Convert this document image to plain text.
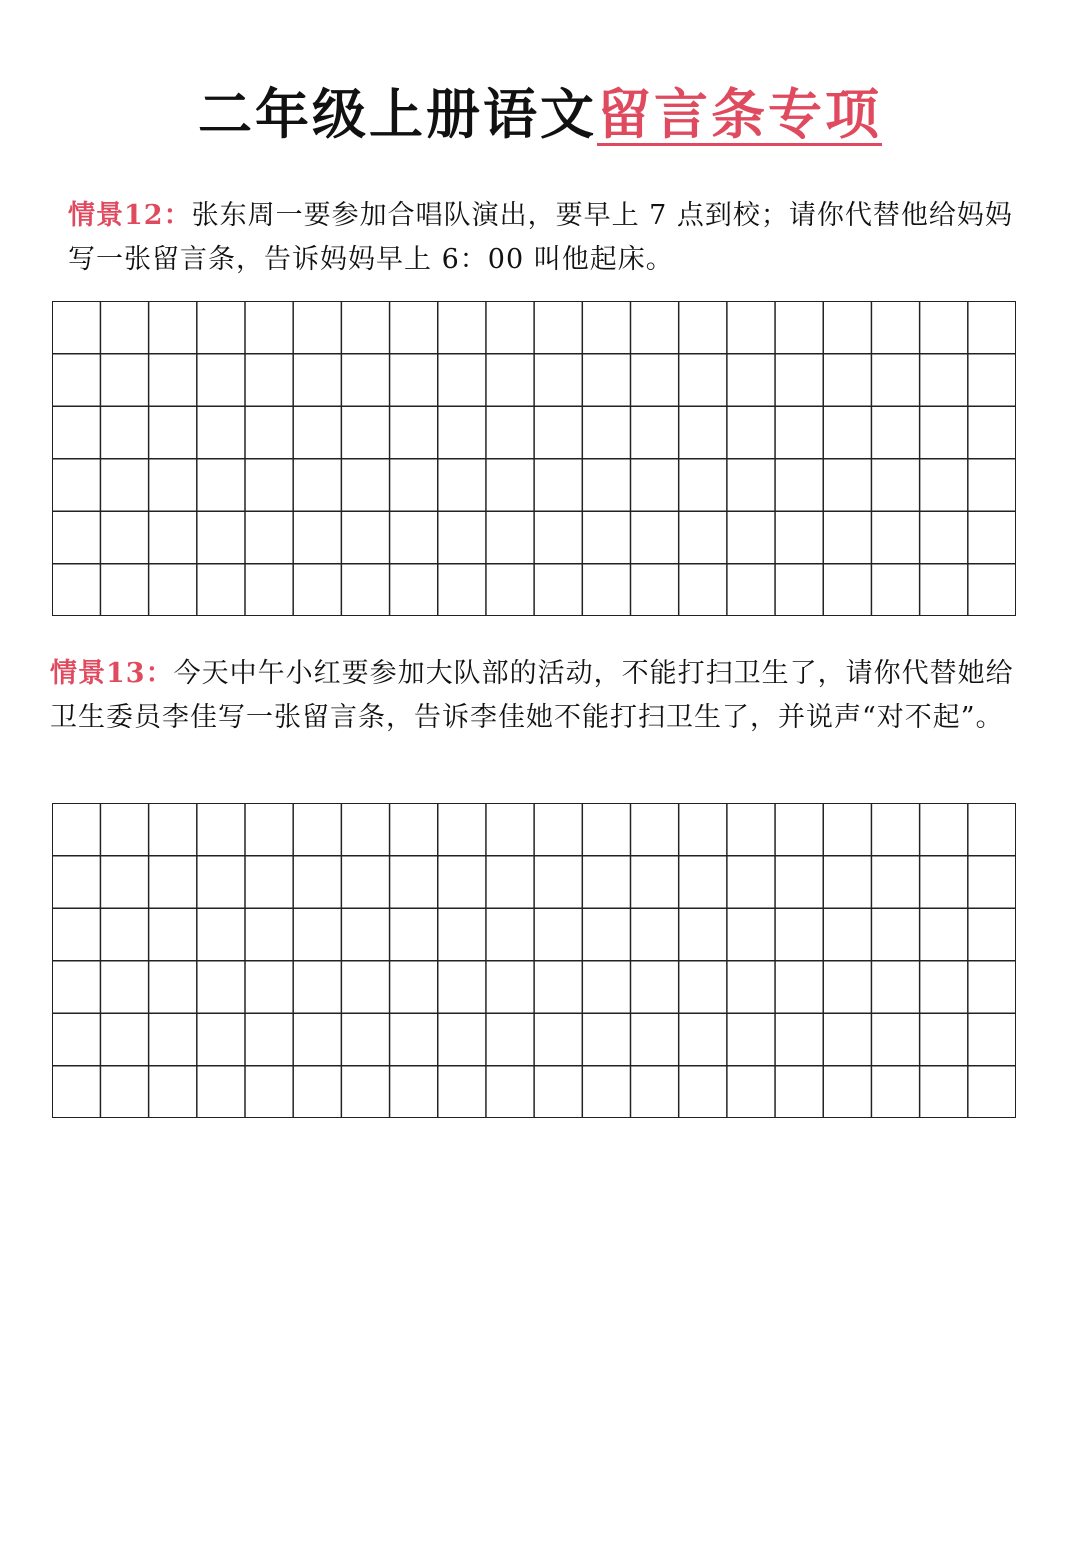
二年级上册语文留言条专项
情景12：张东周一要参加合唱队演出，要早上 7 点到校；请你代替他给妈妈写一张留言条，告诉妈妈早上 6：00 叫他起床。
情景13：今天中午小红要参加大队部的活动，不能打扫卫生了，请你代替她给卫生委员李佳写一张留言条，告诉李佳她不能打扫卫生了，并说声“对不起”。
